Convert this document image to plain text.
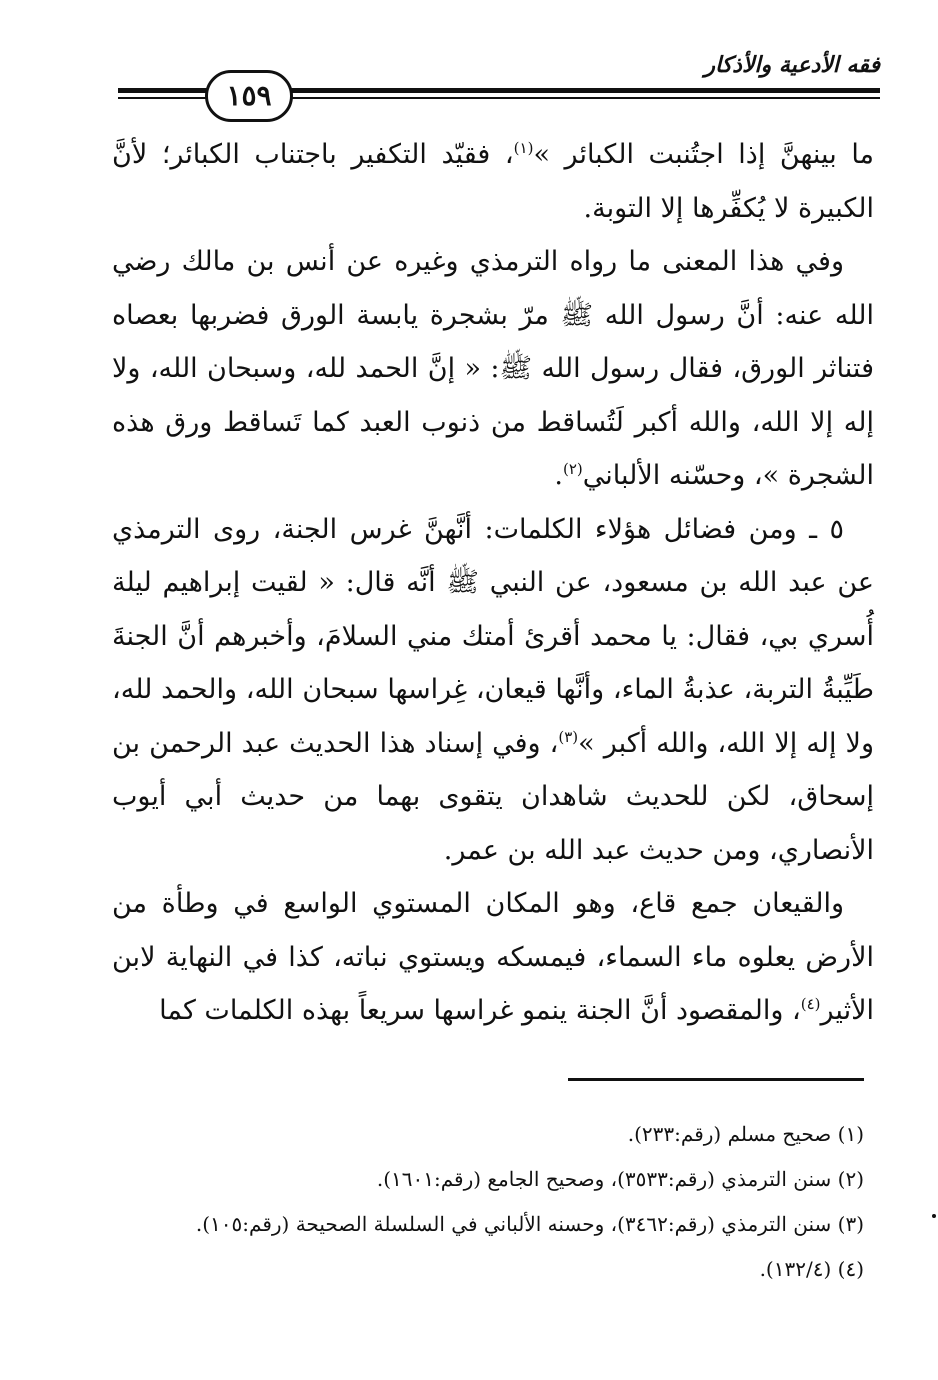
١٥٩
فقه الأدعية والأذكار

ما بينهنَّ إذا اجتُنبت الكبائر »$^{(١)}$، فقيّد التكفير باجتناب الكبائر؛ لأنَّ الكبيرة لا يُكفِّرها إلا التوبة.

وفي هذا المعنى ما رواه الترمذي وغيره عن أنس بن مالك رضي الله عنه: أنَّ رسول الله ﷺ مرّ بشجرة يابسة الورق فضربها بعصاه فتناثر الورق، فقال رسول الله ﷺ: « إنَّ الحمد لله، وسبحان الله، ولا إله إلا الله، والله أكبر لَتُساقط من ذنوب العبد كما تَساقط ورق هذه الشجرة »، وحسّنه الألباني$^{(٢)}$.

٥ ـ ومن فضائل هؤلاء الكلمات: أنَّهنَّ غرس الجنة، روى الترمذي عن عبد الله بن مسعود، عن النبي ﷺ أنَّه قال: « لقيت إبراهيم ليلة أُسري بي، فقال: يا محمد أقرئ أمتك مني السلامَ، وأخبرهم أنَّ الجنةَ طَيِّبةُ التربة، عذبةُ الماء، وأنَّها قيعان، غِراسها سبحان الله، والحمد لله، ولا إله إلا الله، والله أكبر »$^{(٣)}$، وفي إسناد هذا الحديث عبد الرحمن بن إسحاق، لكن للحديث شاهدان يتقوى بهما من حديث أبي أيوب الأنصاري، ومن حديث عبد الله بن عمر.

والقيعان جمع قاع، وهو المكان المستوي الواسع في وطأة من الأرض يعلوه ماء السماء، فيمسكه ويستوي نباته، كذا في النهاية لابن الأثير$^{(٤)}$، والمقصود أنَّ الجنة ينمو غراسها سريعاً بهذه الكلمات كما

(١) صحيح مسلم (رقم:٢٣٣).
(٢) سنن الترمذي (رقم:٣٥٣٣)، وصحيح الجامع (رقم:١٦٠١).
(٣) سنن الترمذي (رقم:٣٤٦٢)، وحسنه الألباني في السلسلة الصحيحة (رقم:١٠٥).
(٤) (١٣٢/٤).
